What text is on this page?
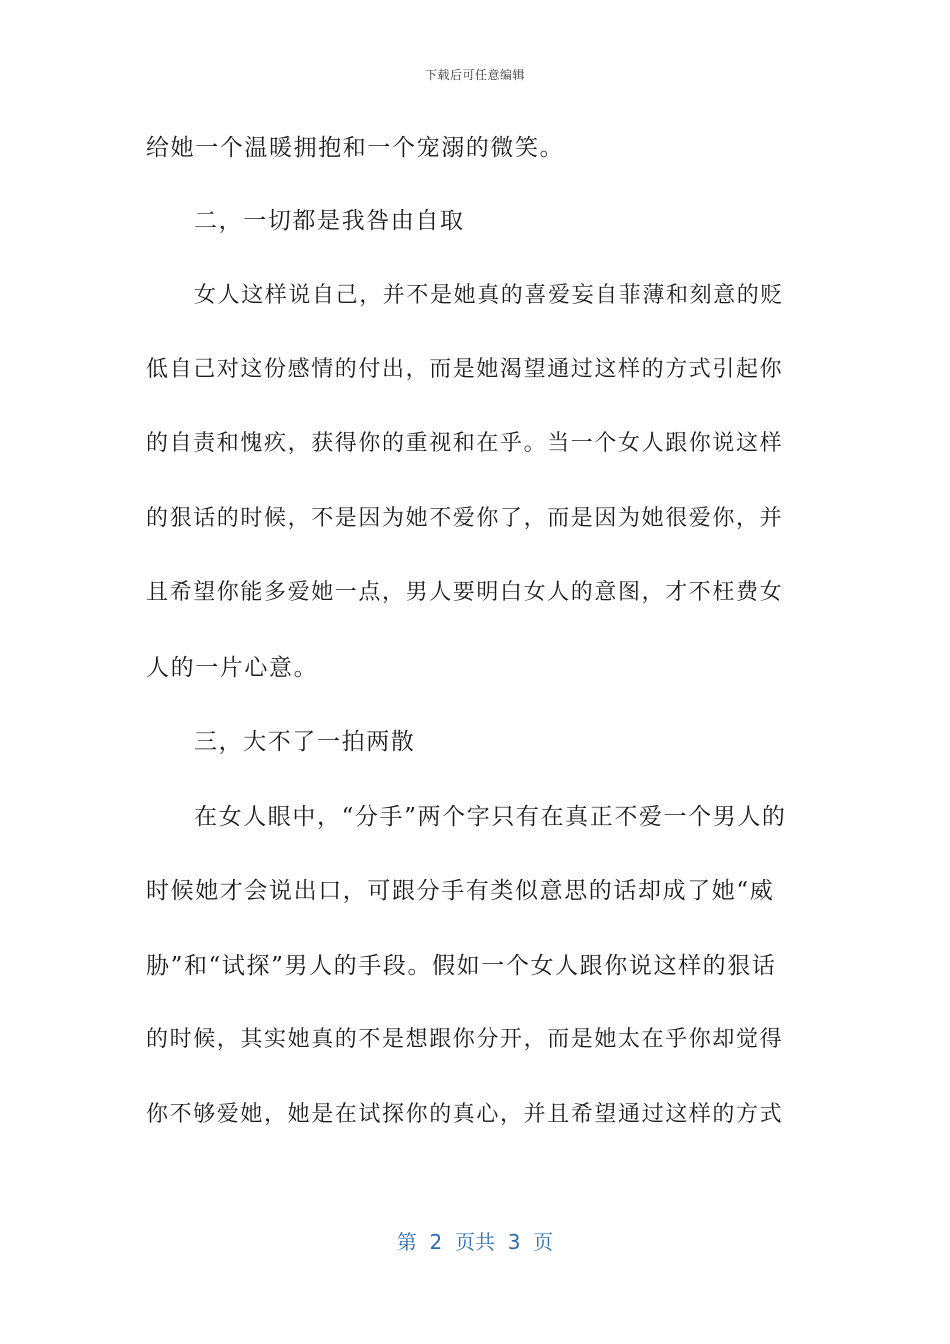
下载后可任意编辑
给她一个温暖拥抱和一个宠溺的微笑。
二，一切都是我咎由自取
女人这样说自己，并不是她真的喜爱妄自菲薄和刻意的贬
低自己对这份感情的付出，而是她渴望通过这样的方式引起你
的自责和愧疚，获得你的重视和在乎。当一个女人跟你说这样
的狠话的时候，不是因为她不爱你了，而是因为她很爱你，并
且希望你能多爱她一点，男人要明白女人的意图，才不枉费女
人的一片心意。
三，大不了一拍两散
在女人眼中，“分手”两个字只有在真正不爱一个男人的
时候她才会说出口，可跟分手有类似意思的话却成了她“威
胁”和“试探”男人的手段。假如一个女人跟你说这样的狠话
的时候，其实她真的不是想跟你分开，而是她太在乎你却觉得
你不够爱她，她是在试探你的真心，并且希望通过这样的方式
第  2  页共  3  页
